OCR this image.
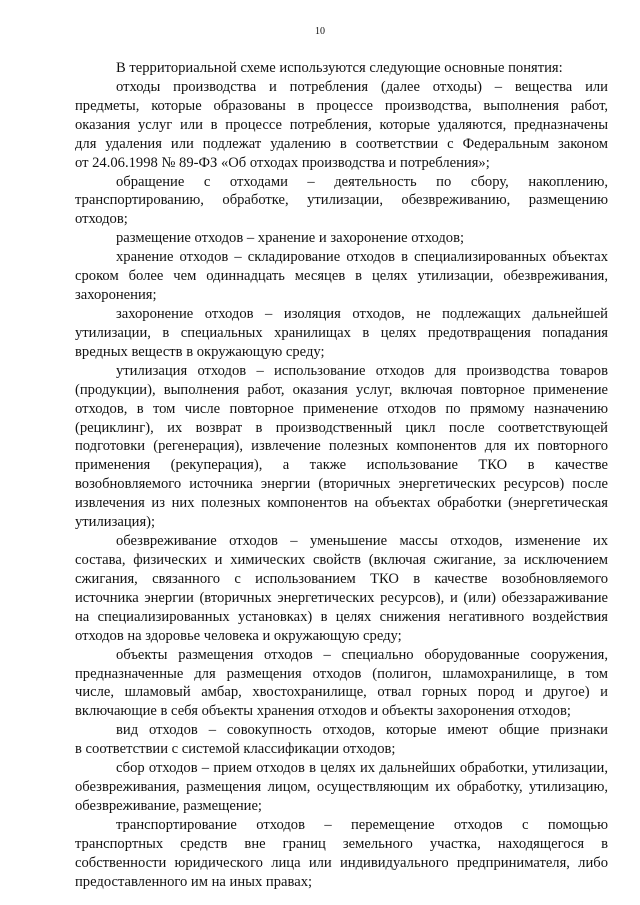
10
В территориальной схеме используются следующие основные понятия:
отходы производства и потребления (далее отходы) – вещества или
предметы, которые образованы в процессе производства, выполнения работ,
оказания услуг или в процессе потребления, которые удаляются, предназначены
для удаления или подлежат удалению в соответствии с Федеральным законом
от 24.06.1998 № 89-ФЗ «Об отходах производства и потребления»;
обращение с отходами – деятельность по сбору, накоплению,
транспортированию, обработке, утилизации, обезвреживанию, размещению
отходов;
размещение отходов – хранение и захоронение отходов;
хранение отходов – складирование отходов в специализированных объектах
сроком более чем одиннадцать месяцев в целях утилизации, обезвреживания,
захоронения;
захоронение отходов – изоляция отходов, не подлежащих дальнейшей
утилизации, в специальных хранилищах в целях предотвращения попадания
вредных веществ в окружающую среду;
утилизация отходов – использование отходов для производства товаров
(продукции), выполнения работ, оказания услуг, включая повторное применение
отходов, в том числе повторное применение отходов по прямому назначению
(рециклинг), их возврат в производственный цикл после соответствующей
подготовки (регенерация), извлечение полезных компонентов для их повторного
применения (рекуперация), а также использование ТКО в качестве
возобновляемого источника энергии (вторичных энергетических ресурсов) после
извлечения из них полезных компонентов на объектах обработки (энергетическая
утилизация);
обезвреживание отходов – уменьшение массы отходов, изменение их
состава, физических и химических свойств (включая сжигание, за исключением
сжигания, связанного с использованием ТКО в качестве возобновляемого
источника энергии (вторичных энергетических ресурсов), и (или) обеззараживание
на специализированных установках) в целях снижения негативного воздействия
отходов на здоровье человека и окружающую среду;
объекты размещения отходов – специально оборудованные сооружения,
предназначенные для размещения отходов (полигон, шламохранилище, в том
числе, шламовый амбар, хвостохранилище, отвал горных пород и другое) и
включающие в себя объекты хранения отходов и объекты захоронения отходов;
вид отходов – совокупность отходов, которые имеют общие признаки
в соответствии с системой классификации отходов;
сбор отходов – прием отходов в целях их дальнейших обработки, утилизации,
обезвреживания, размещения лицом, осуществляющим их обработку, утилизацию,
обезвреживание, размещение;
транспортирование отходов – перемещение отходов с помощью
транспортных средств вне границ земельного участка, находящегося в
собственности юридического лица или индивидуального предпринимателя, либо
предоставленного им на иных правах;
